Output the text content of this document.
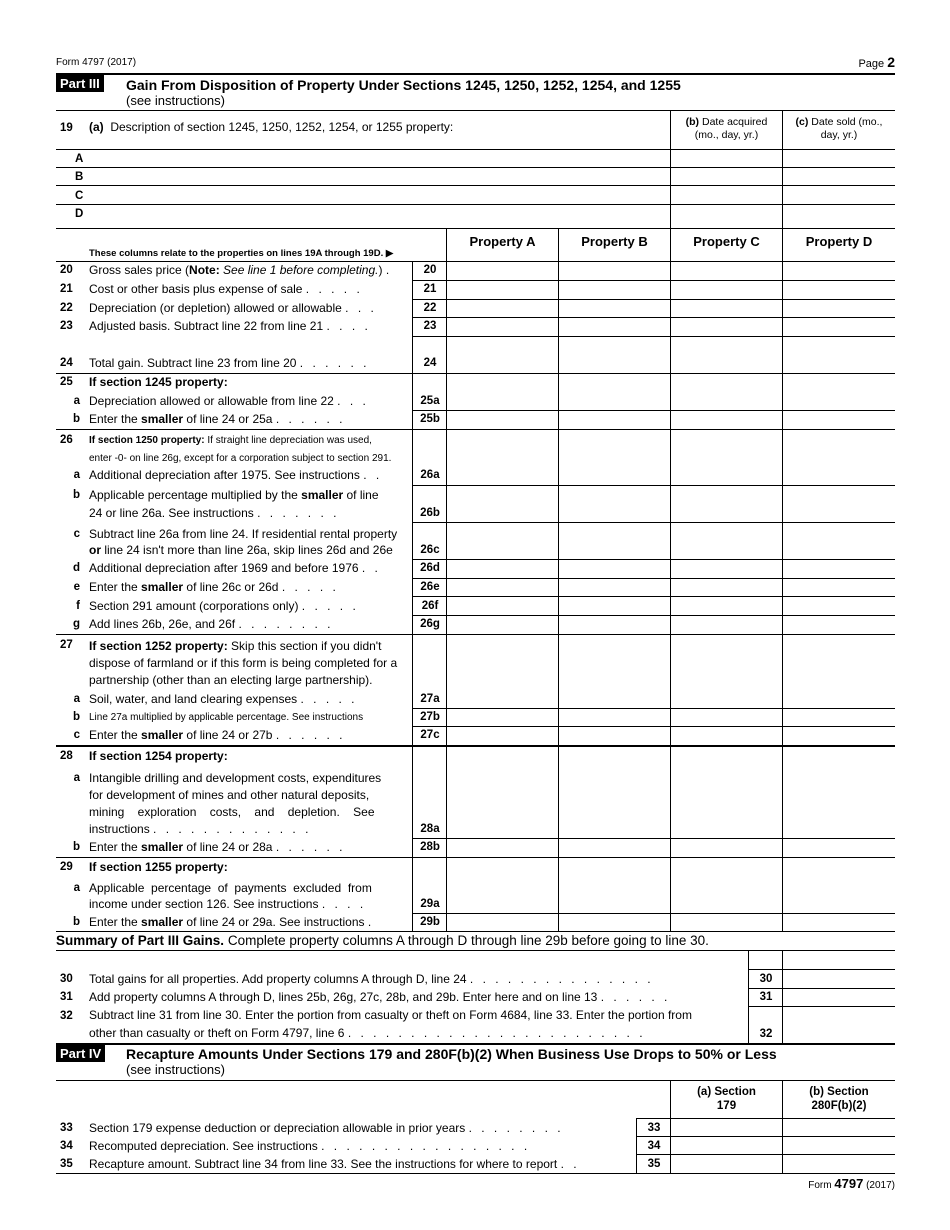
Form 4797 (2017)	Page 2
Part III Gain From Disposition of Property Under Sections 1245, 1250, 1252, 1254, and 1255
(see instructions)
19 (a) Description of section 1245, 1250, 1252, 1254, or 1255 property:	(b) Date acquired
(mo., day, yr.)
(c) Date sold (mo.,
day, yr.)
A
B
C
D
These columns relate to the properties on lines 19A through 19D. ▶
Property A	Property B	Property C	Property D
20 Gross sales price (Note: See line 1 before completing.) .	20
21 Cost or other basis plus expense of sale . . . . .	21
22 Depreciation (or depletion) allowed or allowable . . .	22
23 Adjusted basis. Subtract line 22 from line 21 . . . .	23
24 Total gain. Subtract line 23 from line 20 . . . . . .	24
25 If section 1245 property:
a Depreciation allowed or allowable from line 22 . . .	25a
b Enter the smaller of line 24 or 25a . . . . . .	25b
26 If section 1250 property: If straight line depreciation was used,
enter -0- on line 26g, except for a corporation subject to section 291.
a Additional depreciation after 1975. See instructions . .	26a
b Applicable percentage multiplied by the smaller of line
24 or line 26a. See instructions . . . . . . .	26b
c Subtract line 26a from line 24. If residential rental property
or line 24 isn't more than line 26a, skip lines 26d and 26e	26c
d Additional depreciation after 1969 and before 1976 . .	26d
e Enter the smaller of line 26c or 26d . . . . .	26e
f Section 291 amount (corporations only) . . . . .	26f
g Add lines 26b, 26e, and 26f . . . . . . . .	26g
27 If section 1252 property: Skip this section if you didn't
dispose of farmland or if this form is being completed for a
partnership (other than an electing large partnership).
a Soil, water, and land clearing expenses . . . . .	27a
b Line 27a multiplied by applicable percentage. See instructions	27b
c Enter the smaller of line 24 or 27b . . . . . .	27c
28 If section 1254 property:
a Intangible drilling and development costs, expenditures
for development of mines and other natural deposits,
mining    exploration    costs,    and    depletion.    See
instructions . . . . . . . . . . . . .	28a
b Enter the smaller of line 24 or 28a . . . . . .	28b
29 If section 1255 property:
a Applicable  percentage  of  payments  excluded  from
income under section 126. See instructions . . . .	29a
b Enter the smaller of line 24 or 29a. See instructions .	29b
Summary of Part III Gains. Complete property columns A through D through line 29b before going to line 30.
30 Total gains for all properties. Add property columns A through D, line 24 . . . . . . . . . . . . . . .	30
31 Add property columns A through D, lines 25b, 26g, 27c, 28b, and 29b. Enter here and on line 13 . . . . . .	31
32 Subtract line 31 from line 30. Enter the portion from casualty or theft on Form 4684, line 33. Enter the portion from
other than casualty or theft on Form 4797, line 6 . . . . . . . . . . . . . . . . . . . . . . . .	32
Part IV Recapture Amounts Under Sections 179 and 280F(b)(2) When Business Use Drops to 50% or Less
(see instructions)
(a) Section
179
(b) Section
280F(b)(2)
33 Section 179 expense deduction or depreciation allowable in prior years . . . . . . . .	33
34 Recomputed depreciation. See instructions . . . . . . . . . . . . . . . . .	34
35 Recapture amount. Subtract line 34 from line 33. See the instructions for where to report . .	35
Form 4797 (2017)
